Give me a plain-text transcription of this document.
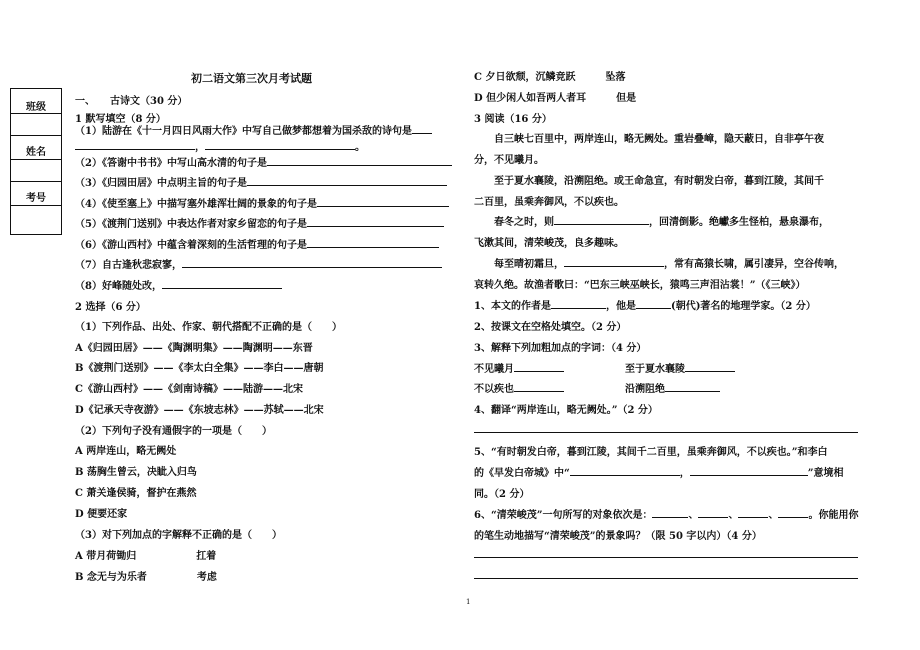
班级
姓名
考号
初二语文第三次月考试题
一、　　古诗文（30 分）
1 默写填空（8 分）
（1）陆游在《十一月四日风雨大作》中写自己做梦都想着为国杀敌的诗句是
，	。
（2）《答谢中书书》中写山高水清的句子是
（3）《归园田居》中点明主旨的句子是
（4）《使至塞上》中描写塞外雄浑壮阔的景象的句子是
（5）《渡荆门送别》中表达作者对家乡留恋的句子是
（6）《游山西村》中蕴含着深刻的生活哲理的句子是
（7）自古逢秋悲寂寥，
（8）好峰随处改，
2 选择（6 分）
（1）下列作品、出处、作家、朝代搭配不正确的是（　　）
A《归园田居》——《陶渊明集》——陶渊明——东晋
B《渡荆门送别》——《李太白全集》——李白——唐朝
C《游山西村》——《剑南诗稿》——陆游——北宋
D《记承天寺夜游》——《东坡志林》——苏轼——北宋
（2）下列句子没有通假字的一项是（　　）
A 两岸连山，略无阙处
B 荡胸生曾云，决眦入归鸟
C 萧关逢侯骑，督护在燕然
D 便要还家
（3）对下列加点的字解释不正确的是（　　）
A 带月荷锄归　　　　　　扛着
B 念无与为乐者　　　　　考虑
C 夕日欲颓，沉鳞竞跃　　　坠落
D 但少闲人如吾两人者耳　　　但是
3 阅读（16 分）
自三峡七百里中，两岸连山，略无阙处。重岩叠嶂，隐天蔽日，自非亭午夜
分，不见曦月。
至于夏水襄陵，沿溯阻绝。或王命急宣，有时朝发白帝，暮到江陵，其间千
二百里，虽乘奔御风，不以疾也。
春冬之时，则	，回清倒影。绝巘多生怪柏，悬泉瀑布，
飞漱其间，清荣峻茂，良多趣味。
每至晴初霜旦，	，常有高猿长啸，属引凄异，空谷传响，
哀转久绝。故渔者歌曰：“巴东三峡巫峡长，猿鸣三声泪沾裳！”（《三峡》）
1、本文的作者是	，他是	(朝代)著名的地理学家。（2 分）
2、按课文在空格处填空。（2 分）
3、解释下列加粗加点的字词：（4 分）
不见曦月	至于夏水襄陵
不以疾也	沿溯阻绝
4、翻译“两岸连山，略无阙处。”（2 分）
5、“有时朝发白帝，暮到江陵，其间千二百里，虽乘奔御风，不以疾也。”和李白
的《早发白帝城》中“	，	”意境相
同。（2 分）
6、“清荣峻茂”一句所写的对象依次是：	、	、	、	。你能用你
的笔生动地描写“清荣峻茂”的景象吗？（限 50 字以内）（4 分）
1
